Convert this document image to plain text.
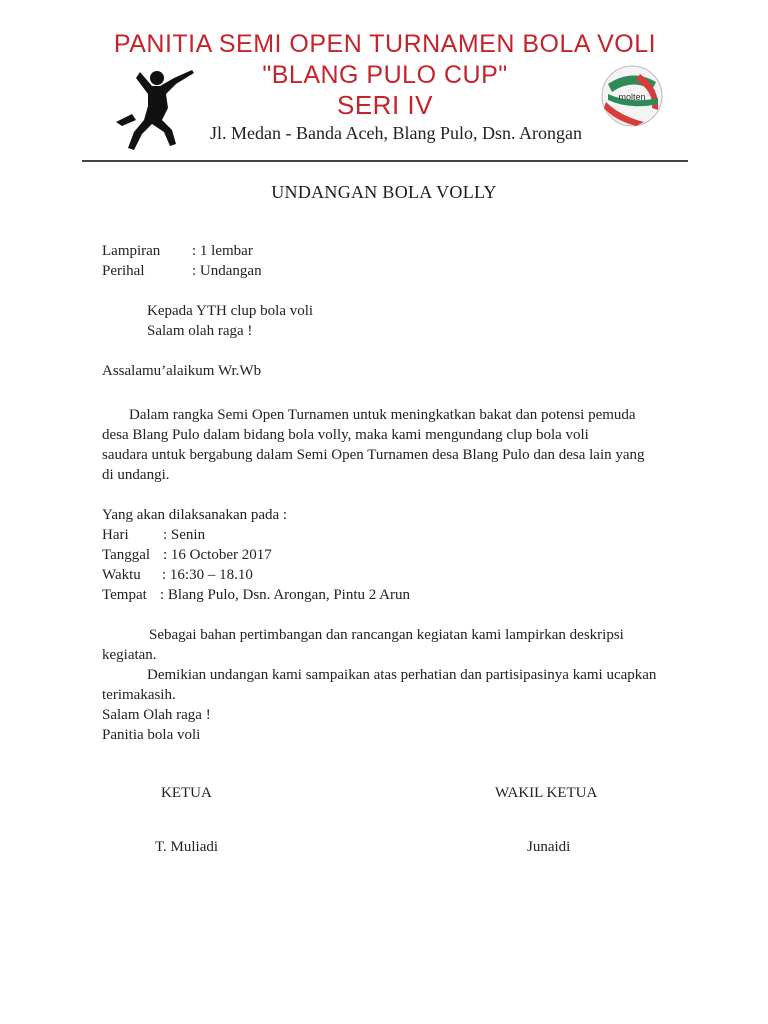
PANITIA SEMI OPEN TURNAMEN BOLA VOLI
"BLANG PULO CUP"
SERI IV
Jl. Medan - Banda Aceh, Blang Pulo, Dsn. Arongan
molten
UNDANGAN BOLA VOLLY
Lampiran : 1 lembar
Perihal	: Undangan
Kepada YTH clup bola voli
Salam olah raga !
Assalamu’alaikum Wr.Wb
Dalam rangka Semi Open Turnamen untuk meningkatkan bakat dan potensi pemuda
desa Blang Pulo dalam bidang bola volly, maka kami mengundang clup bola voli
saudara untuk bergabung dalam Semi Open Turnamen desa Blang Pulo dan desa lain yang
di undangi.
Yang akan dilaksanakan pada :
Hari : Senin
Tanggal : 16 October 2017
Waktu : 16:30 – 18.10
Tempat : Blang Pulo, Dsn. Arongan, Pintu 2 Arun
Sebagai bahan pertimbangan dan rancangan kegiatan kami lampirkan deskripsi
kegiatan.
Demikian undangan kami sampaikan atas perhatian dan partisipasinya kami ucapkan
terimakasih.
Salam Olah raga !
Panitia bola voli
KETUA	WAKIL KETUA
T. Muliadi	Junaidi
